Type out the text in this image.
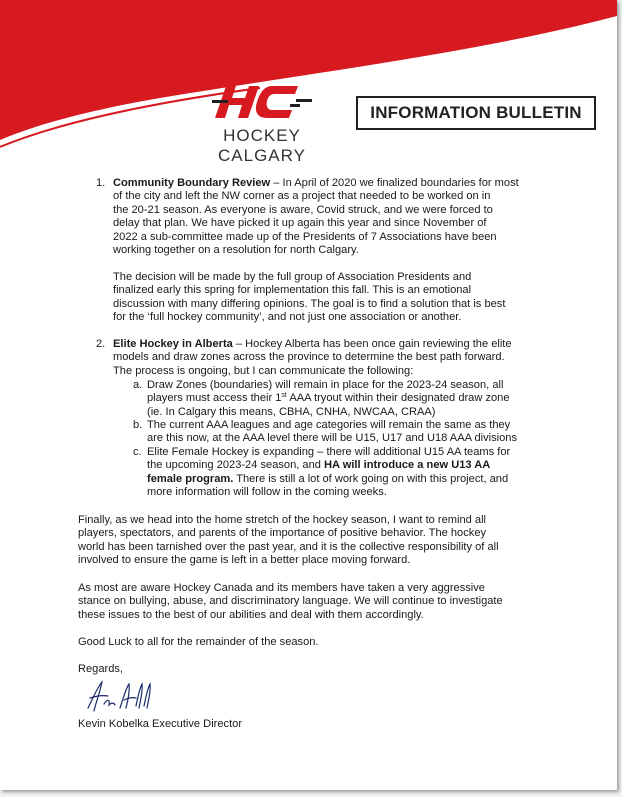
HOCKEY CALGARY
INFORMATION BULLETIN
1. Community Boundary Review – In April of 2020 we finalized boundaries for most
of the city and left the NW corner as a project that needed to be worked on in
the 20-21 season. As everyone is aware, Covid struck, and we were forced to
delay that plan. We have picked it up again this year and since November of
2022 a sub-committee made up of the Presidents of 7 Associations have been
working together on a resolution for north Calgary.
The decision will be made by the full group of Association Presidents and
finalized early this spring for implementation this fall. This is an emotional
discussion with many differing opinions. The goal is to find a solution that is best
for the ‘full hockey community’, and not just one association or another.
2. Elite Hockey in Alberta – Hockey Alberta has been once gain reviewing the elite
models and draw zones across the province to determine the best path forward.
The process is ongoing, but I can communicate the following:
a. Draw Zones (boundaries) will remain in place for the 2023-24 season, all
players must access their 1st AAA tryout within their designated draw zone
(ie. In Calgary this means, CBHA, CNHA, NWCAA, CRAA)
b. The current AAA leagues and age categories will remain the same as they
are this now, at the AAA level there will be U15, U17 and U18 AAA divisions
c. Elite Female Hockey is expanding – there will additional U15 AA teams for
the upcoming 2023-24 season, and HA will introduce a new U13 AA
female program. There is still a lot of work going on with this project, and
more information will follow in the coming weeks.
Finally, as we head into the home stretch of the hockey season, I want to remind all
players, spectators, and parents of the importance of positive behavior. The hockey
world has been tarnished over the past year, and it is the collective responsibility of all
involved to ensure the game is left in a better place moving forward.
As most are aware Hockey Canada and its members have taken a very aggressive
stance on bullying, abuse, and discriminatory language. We will continue to investigate
these issues to the best of our abilities and deal with them accordingly.
Good Luck to all for the remainder of the season.
Regards,
Kevin Kobelka Executive Director
